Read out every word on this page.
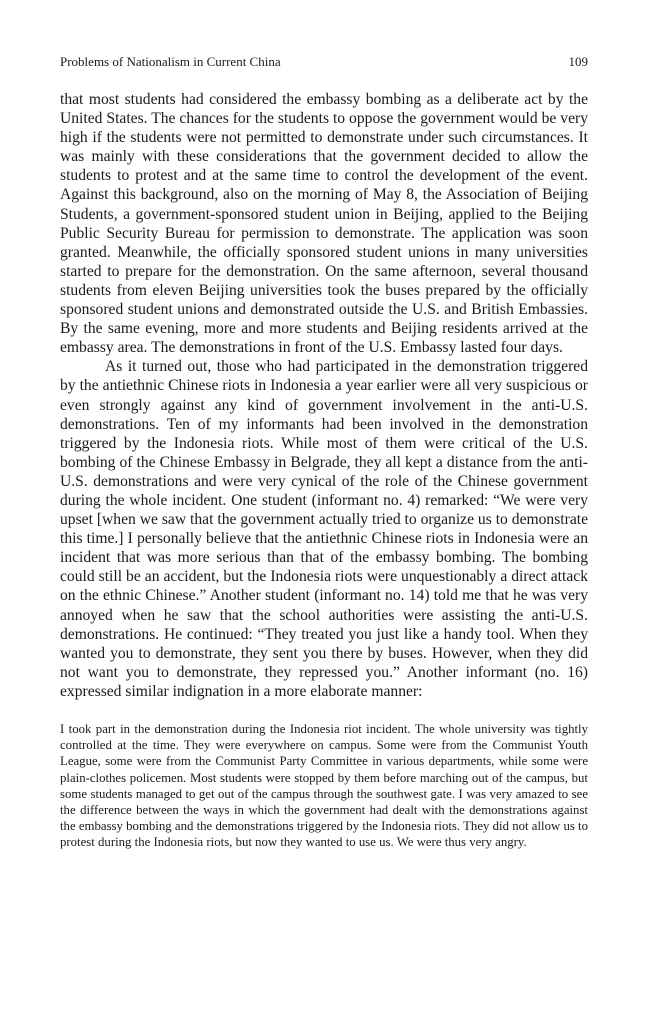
Problems of Nationalism in Current China	109

that most students had considered the embassy bombing as a deliberate act by the United States. The chances for the students to oppose the government would be very high if the students were not permitted to demonstrate under such circumstances. It was mainly with these considerations that the government decided to allow the students to protest and at the same time to control the development of the event. Against this background, also on the morning of May 8, the Association of Beijing Students, a government-sponsored student union in Beijing, applied to the Beijing Public Security Bureau for permission to demonstrate. The application was soon granted. Meanwhile, the officially sponsored student unions in many universities started to prepare for the demonstration. On the same afternoon, several thousand students from eleven Beijing universities took the buses prepared by the officially sponsored student unions and demonstrated outside the U.S. and British Embassies. By the same evening, more and more students and Beijing residents arrived at the embassy area. The demonstrations in front of the U.S. Embassy lasted four days.

As it turned out, those who had participated in the demonstration triggered by the antiethnic Chinese riots in Indonesia a year earlier were all very suspicious or even strongly against any kind of government involvement in the anti-U.S. demonstrations. Ten of my informants had been involved in the demonstration triggered by the Indonesia riots. While most of them were critical of the U.S. bombing of the Chinese Embassy in Belgrade, they all kept a distance from the anti-U.S. demonstrations and were very cynical of the role of the Chinese government during the whole incident. One student (informant no. 4) remarked: “We were very upset [when we saw that the government actually tried to organize us to demonstrate this time.] I personally believe that the antiethnic Chinese riots in Indonesia were an incident that was more serious than that of the embassy bombing. The bombing could still be an accident, but the Indonesia riots were unquestionably a direct attack on the ethnic Chinese.” Another student (informant no. 14) told me that he was very annoyed when he saw that the school authorities were assisting the anti-U.S. demonstrations. He continued: “They treated you just like a handy tool. When they wanted you to demonstrate, they sent you there by buses. However, when they did not want you to demonstrate, they repressed you.” Another informant (no. 16) expressed similar indignation in a more elaborate manner:

I took part in the demonstration during the Indonesia riot incident. The whole university was tightly controlled at the time. They were everywhere on campus. Some were from the Communist Youth League, some were from the Communist Party Committee in various departments, while some were plain-clothes policemen. Most students were stopped by them before marching out of the campus, but some students managed to get out of the campus through the southwest gate. I was very amazed to see the difference between the ways in which the government had dealt with the demonstrations against the embassy bombing and the demonstrations triggered by the Indonesia riots. They did not allow us to protest during the Indonesia riots, but now they wanted to use us. We were thus very angry.
